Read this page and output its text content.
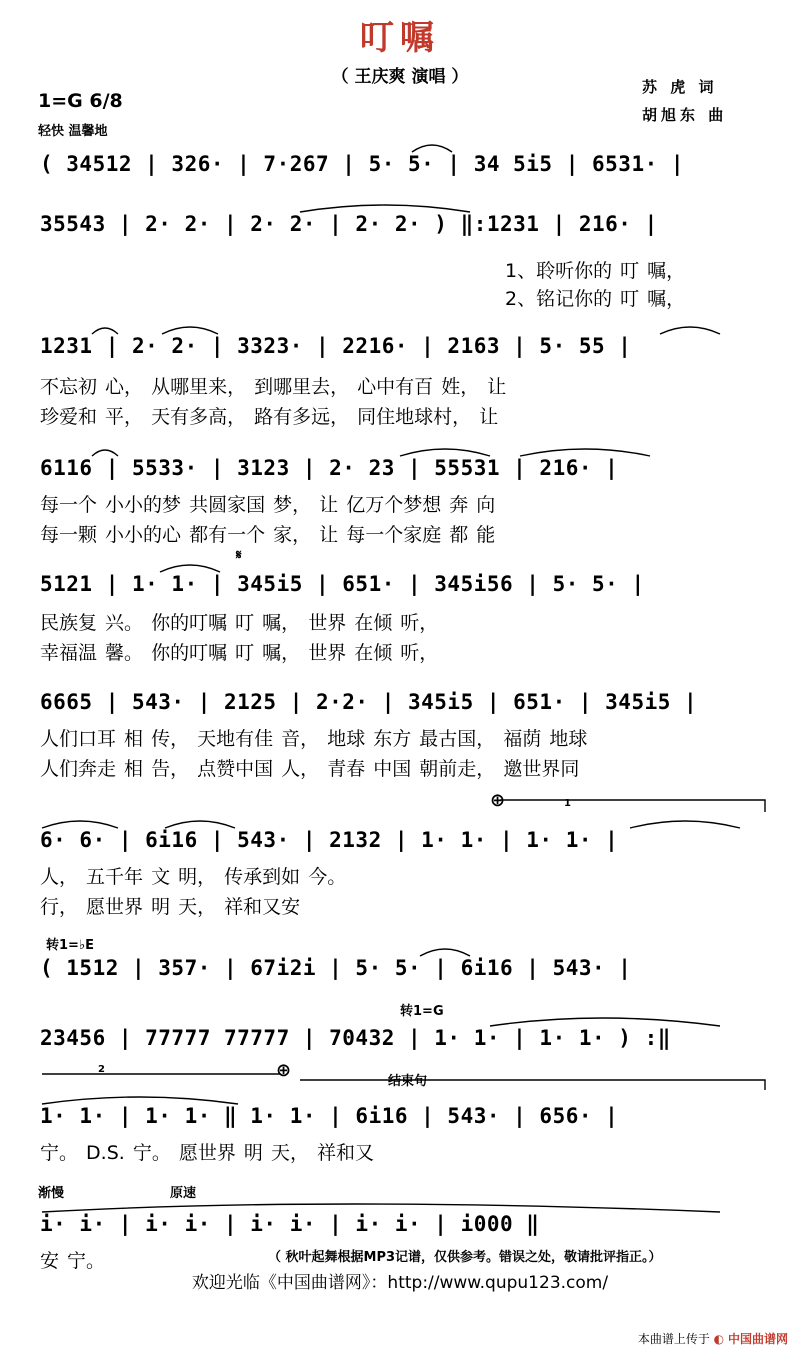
叮嘱
（ 王庆爽 演唱 ）
1=G 6/8
轻快 温馨地
苏 虎 词
胡旭东 曲
( 34512 | 326· | 7·267 | 5· 5· | 34 5i5 | 6531· |
35543 | 2· 2· | 2· 2· | 2· 2· ) ‖:1231 | 216· |
1、聆听你的 叮 嘱，
2、铭记你的 叮 嘱，
1231 | 2· 2· | 3323· | 2216· | 2163 | 5· 55 |
不忘初 心， 从哪里来， 到哪里去， 心中有百 姓， 让
珍爱和 平， 天有多高， 路有多远， 同住地球村， 让
6116 | 5533· | 3123 | 2· 23 | 55531 | 216· |
每一个 小小的梦 共圆家国 梦， 让 亿万个梦想 奔 向
每一颗 小小的心 都有一个 家， 让 每一个家庭 都 能
𝄋
5121 | 1· 1· | 345i5 | 651· | 345i56 | 5· 5· |
民族复 兴。 你的叮嘱 叮 嘱， 世界 在倾 听，
幸福温 馨。 你的叮嘱 叮 嘱， 世界 在倾 听，
6665 | 543· | 2125 | 2·2· | 345i5 | 651· | 345i5 |
人们口耳 相 传， 天地有佳 音， 地球 东方 最古国， 福荫 地球
人们奔走 相 告， 点赞中国 人， 青春 中国 朝前走， 邀世界同
⊕	1
6· 6· | 6i16 | 543· | 2132 | 1· 1· | 1· 1· |
人， 五千年 文 明， 传承到如 今。
行， 愿世界 明 天， 祥和又安
转1=♭E
( 1512 | 357· | 67i2i | 5· 5· | 6i16 | 543· |
转1=G
23456 | 77777 77777 | 70432 | 1· 1· | 1· 1· ) :‖
2	⊕
结束句
1· 1· | 1· 1· ‖ 1· 1· | 6i16 | 543· | 656· |
宁。 D.S. 宁。 愿世界 明 天， 祥和又
渐慢	原速
i· i· | i· i· | i· i· | i· i· | i000 ‖
安 宁。	（ 秋叶起舞根据MP3记谱，仅供参考。错误之处，敬请批评指正。）
欢迎光临《中国曲谱网》：http://www.qupu123.com/
本曲谱上传于 ◐ 中国曲谱网
